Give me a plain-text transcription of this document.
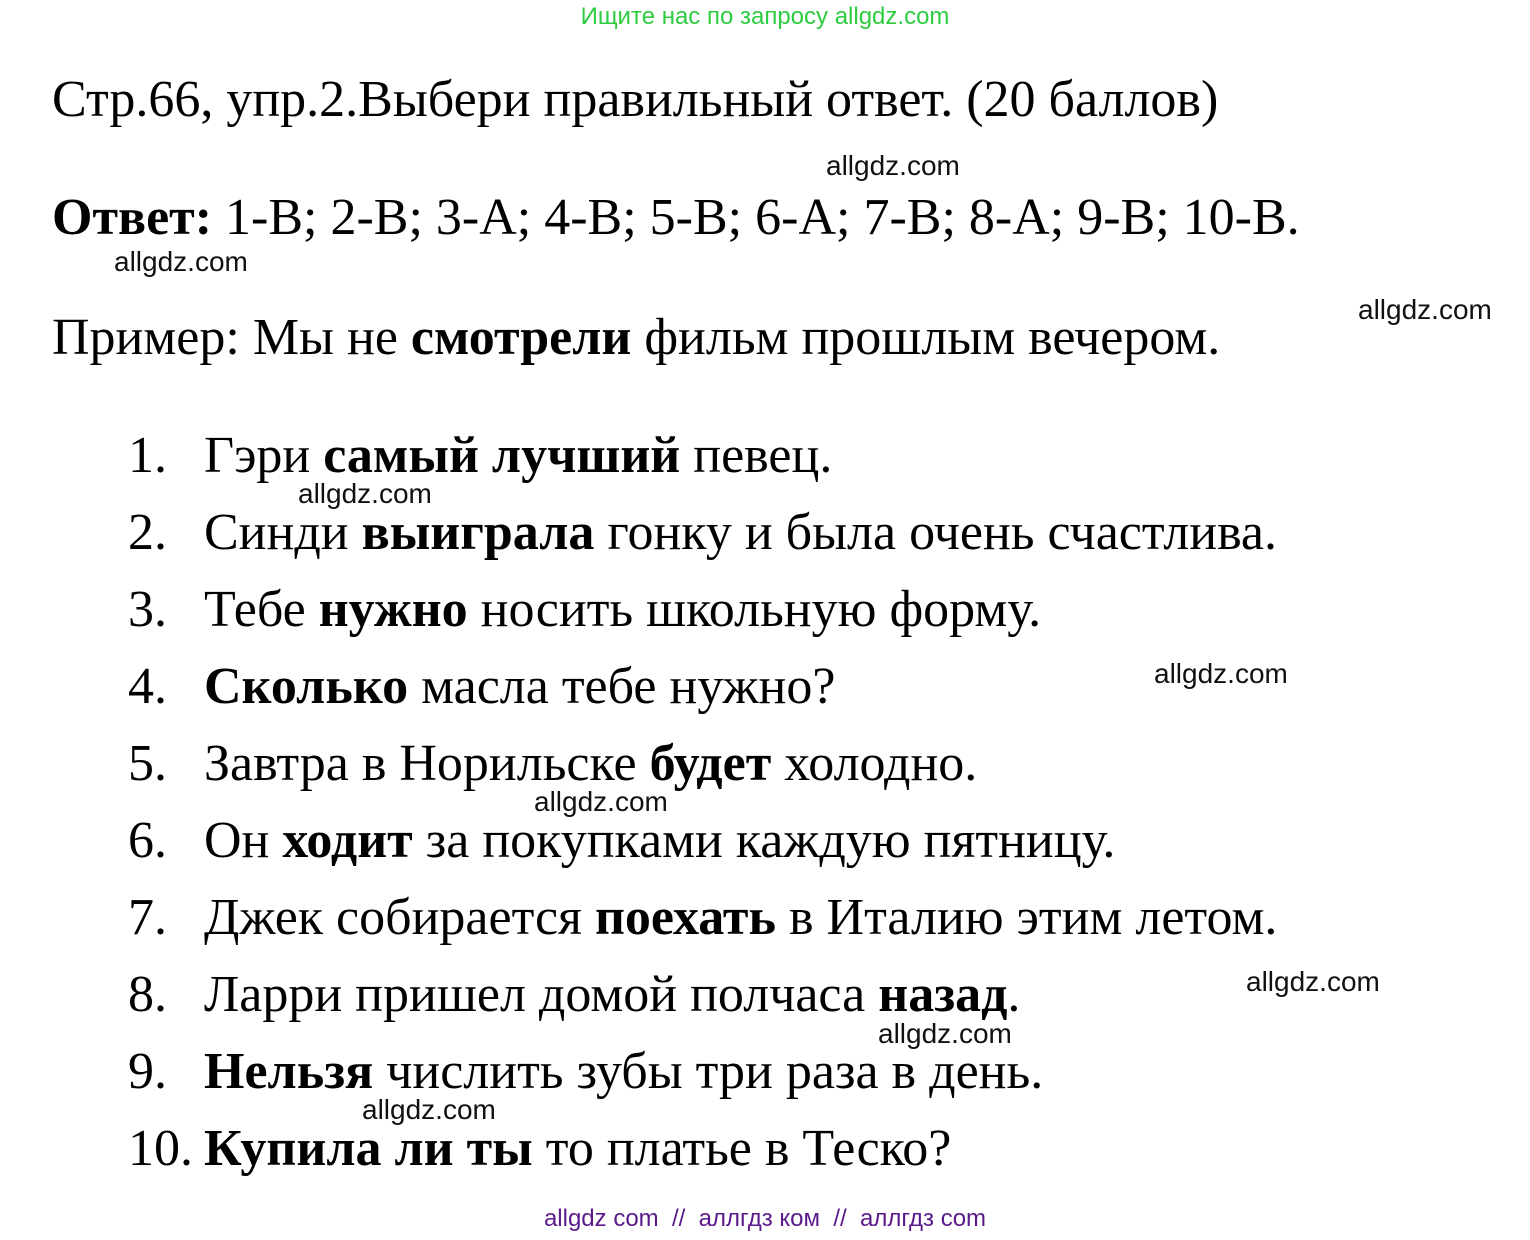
Ищите нас по запросу allgdz.com
Стр.66, упр.2.Выбери правильный ответ. (20 баллов)
Ответ: 1-В; 2-В; 3-А; 4-В; 5-В; 6-А; 7-В; 8-А; 9-В; 10-В.
Пример: Мы не смотрели фильм прошлым вечером.
1. Гэри самый лучший певец.
2. Синди выиграла гонку и была очень счастлива.
3. Тебе нужно носить школьную форму.
4. Сколько масла тебе нужно?
5. Завтра в Норильске будет холодно.
6. Он ходит за покупками каждую пятницу.
7. Джек собирается поехать в Италию этим летом.
8. Ларри пришел домой полчаса назад.
9. Нельзя числить зубы три раза в день.
10. Купила ли ты то платье в Теско?
allgdz.com
allgdz.com
allgdz.com
allgdz.com
allgdz.com
allgdz.com
allgdz.com
allgdz.com
allgdz.com
allgdz com  //  аллгдз ком  //  аллгдз com
